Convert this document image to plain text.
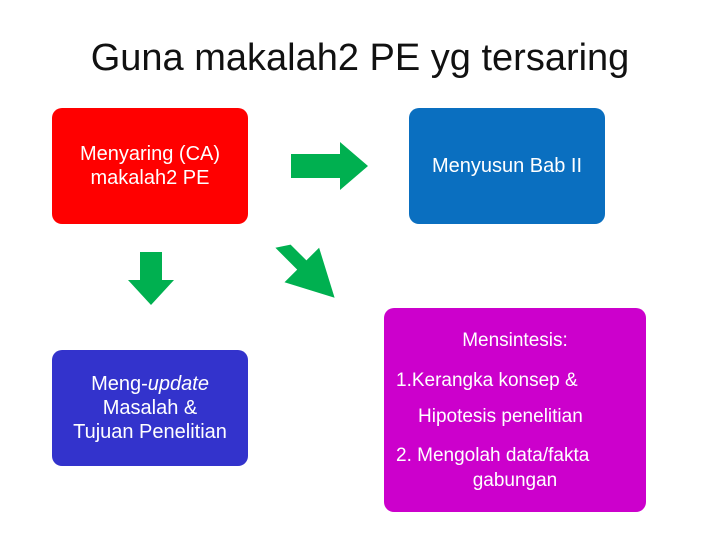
Guna makalah2 PE yg tersaring
Menyaring (CA)
makalah2 PE
Menyusun Bab II
Meng-update
Masalah &
Tujuan Penelitian
Mensintesis:
1.Kerangka konsep &
Hipotesis penelitian
2. Mengolah data/fakta
gabungan
